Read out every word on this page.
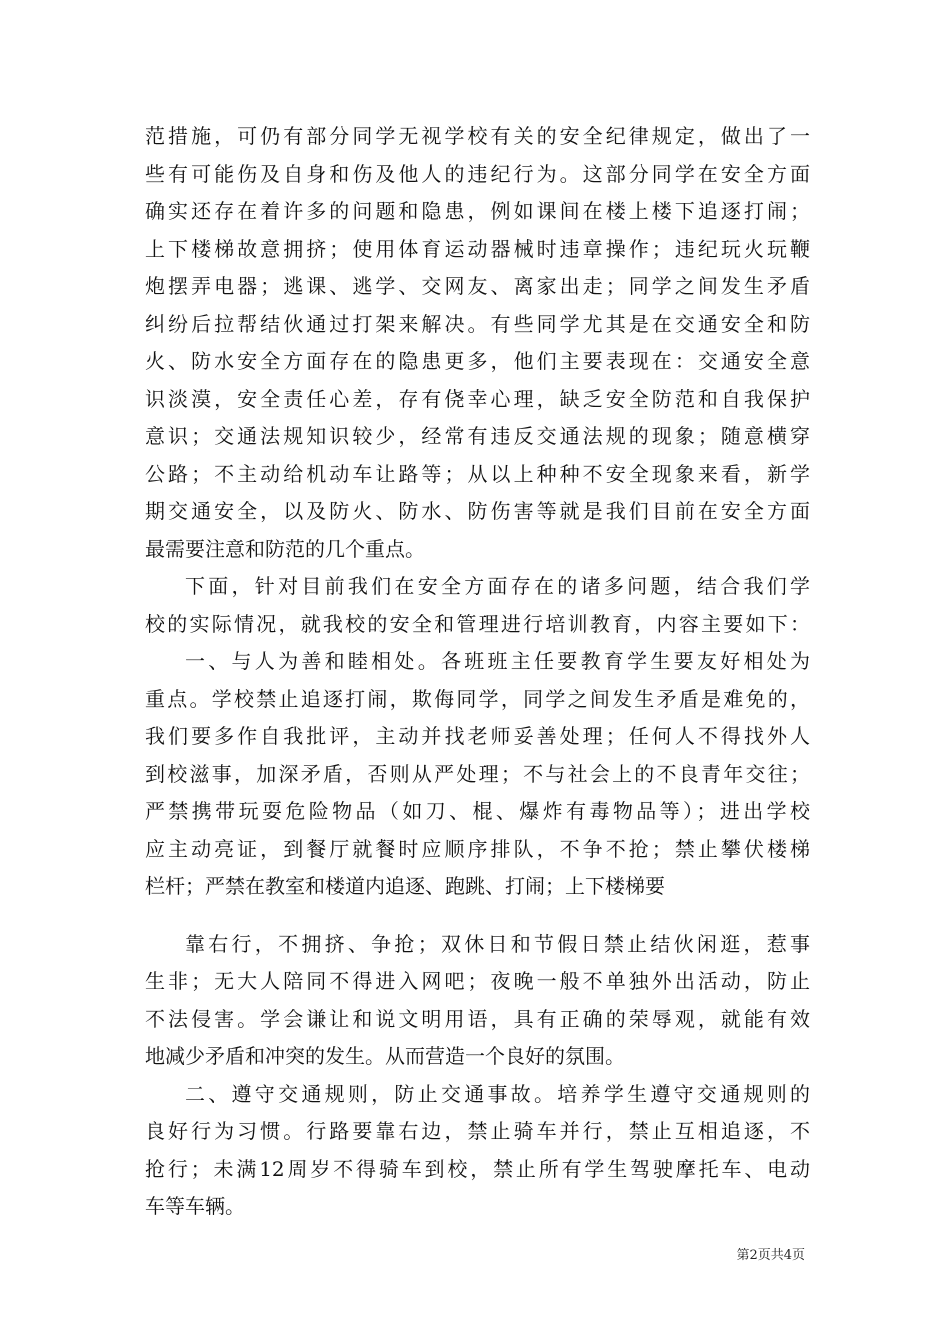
范措施，可仍有部分同学无视学校有关的安全纪律规定，做出了一
些有可能伤及自身和伤及他人的违纪行为。这部分同学在安全方面
确实还存在着许多的问题和隐患，例如课间在楼上楼下追逐打闹；
上下楼梯故意拥挤；使用体育运动器械时违章操作；违纪玩火玩鞭
炮摆弄电器；逃课、逃学、交网友、离家出走；同学之间发生矛盾
纠纷后拉帮结伙通过打架来解决。有些同学尤其是在交通安全和防
火、防水安全方面存在的隐患更多，他们主要表现在：交通安全意
识淡漠，安全责任心差，存有侥幸心理，缺乏安全防范和自我保护
意识；交通法规知识较少，经常有违反交通法规的现象；随意横穿
公路；不主动给机动车让路等；从以上种种不安全现象来看，新学
期交通安全，以及防火、防水、防伤害等就是我们目前在安全方面
最需要注意和防范的几个重点。
下面，针对目前我们在安全方面存在的诸多问题，结合我们学
校的实际情况，就我校的安全和管理进行培训教育，内容主要如下：
一、与人为善和睦相处。各班班主任要教育学生要友好相处为
重点。学校禁止追逐打闹，欺侮同学，同学之间发生矛盾是难免的，
我们要多作自我批评，主动并找老师妥善处理；任何人不得找外人
到校滋事，加深矛盾，否则从严处理；不与社会上的不良青年交往；
严禁携带玩耍危险物品（如刀、棍、爆炸有毒物品等）；进出学校
应主动亮证，到餐厅就餐时应顺序排队，不争不抢；禁止攀伏楼梯
栏杆；严禁在教室和楼道内追逐、跑跳、打闹；上下楼梯要
靠右行，不拥挤、争抢；双休日和节假日禁止结伙闲逛，惹事
生非；无大人陪同不得进入网吧；夜晚一般不单独外出活动，防止
不法侵害。学会谦让和说文明用语，具有正确的荣辱观，就能有效
地减少矛盾和冲突的发生。从而营造一个良好的氛围。
二、遵守交通规则，防止交通事故。培养学生遵守交通规则的
良好行为习惯。行路要靠右边，禁止骑车并行，禁止互相追逐，不
抢行；未满12周岁不得骑车到校，禁止所有学生驾驶摩托车、电动
车等车辆。
第2页共4页
